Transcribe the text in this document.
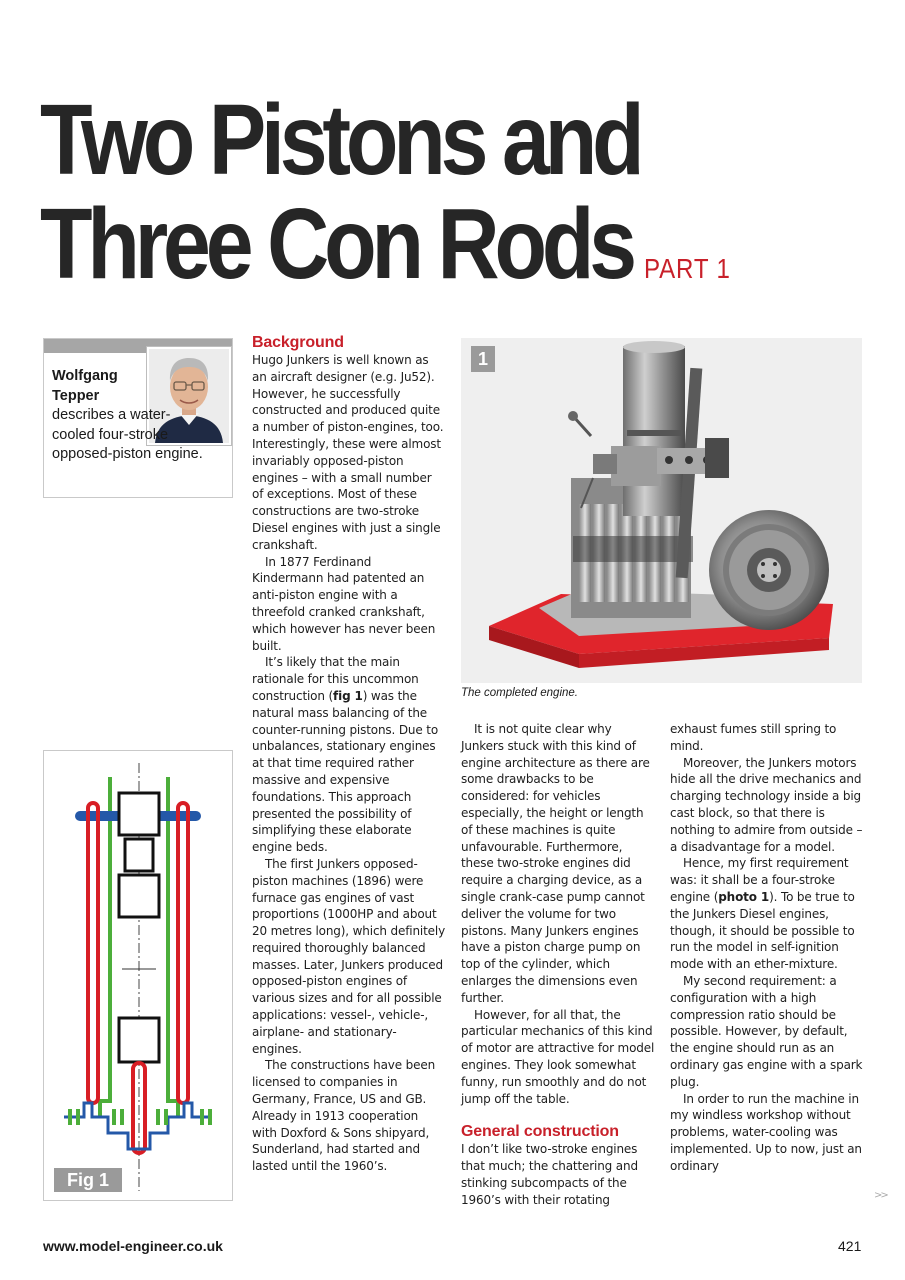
Two Pistons and
Three Con Rods PART 1
Wolfgang
Tepper
describes a water-cooled four-stroke opposed-piston engine.
Background

Hugo Junkers is well known as an aircraft designer (e.g. Ju52). However, he successfully constructed and produced quite a number of piston-engines, too. Interestingly, these were almost invariably opposed-piston engines – with a small number of exceptions. Most of these constructions are two-stroke Diesel engines with just a single crankshaft.

In 1877 Ferdinand Kindermann had patented an anti-piston engine with a threefold cranked crankshaft, which however has never been built.

It’s likely that the main rationale for this uncommon construction (fig 1) was the natural mass balancing of the counter-running pistons. Due to unbalances, stationary engines at that time required rather massive and expensive foundations. This approach presented the possibility of simplifying these elaborate engine beds.

The first Junkers opposed-piston machines (1896) were furnace gas engines of vast proportions (1000HP and about 20 metres long), which definitely required thoroughly balanced masses. Later, Junkers produced opposed-piston engines of various sizes and for all possible applications: vessel-, vehicle-, airplane- and stationary-engines.

The constructions have been licensed to companies in Germany, France, US and GB. Already in 1913 cooperation with Doxford & Sons shipyard, Sunderland, had started and lasted until the 1960’s.

1
The completed engine.

It is not quite clear why Junkers stuck with this kind of engine architecture as there are some drawbacks to be considered: for vehicles especially, the height or length of these machines is quite unfavourable. Furthermore, these two-stroke engines did require a charging device, as a single crank-case pump cannot deliver the volume for two pistons. Many Junkers engines have a piston charge pump on top of the cylinder, which enlarges the dimensions even further.

However, for all that, the particular mechanics of this kind of motor are attractive for model engines. They look somewhat funny, run smoothly and do not jump off the table.

General construction

I don’t like two-stroke engines that much; the chattering and stinking subcompacts of the 1960’s with their rotating

exhaust fumes still spring to mind.

Moreover, the Junkers motors hide all the drive mechanics and charging technology inside a big cast block, so that there is nothing to admire from outside – a disadvantage for a model.

Hence, my first requirement was: it shall be a four-stroke engine (photo 1). To be true to the Junkers Diesel engines, though, it should be possible to run the model in self-ignition mode with an ether-mixture.

My second requirement: a configuration with a high compression ratio should be possible. However, by default, the engine should run as an ordinary gas engine with a spark plug.

In order to run the machine in my windless workshop without problems, water-cooling was implemented. Up to now, just an ordinary

Fig 1
>>
www.model-engineer.co.uk	421
